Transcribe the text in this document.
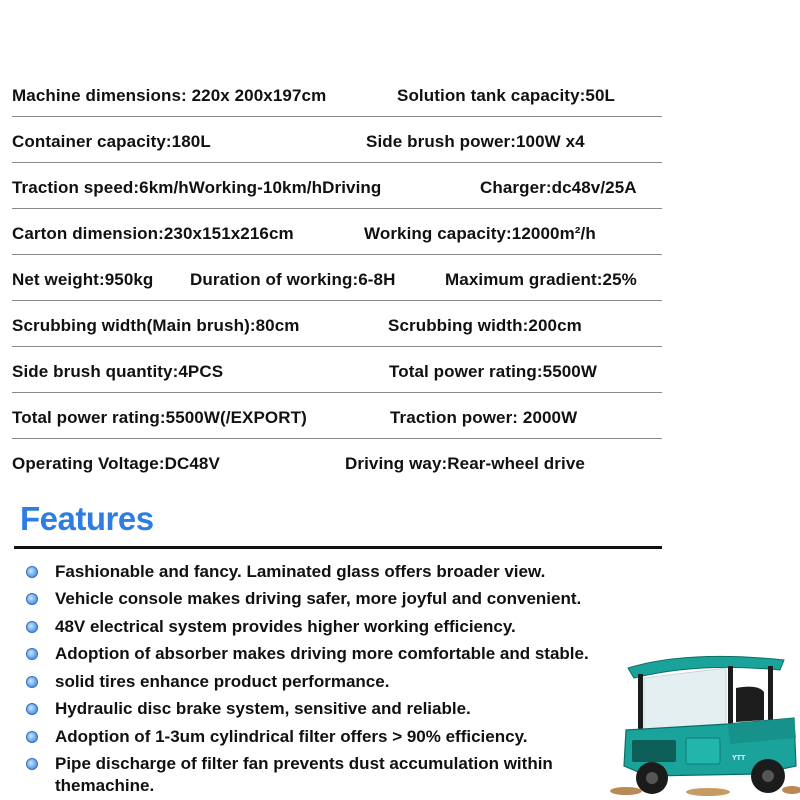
Machine dimensions: 220x 200x197cm	Solution tank capacity:50L
Container capacity:180L	Side brush power:100W x4
Traction speed:6km/hWorking-10km/hDriving	Charger:dc48v/25A
Carton dimension:230x151x216cm	Working capacity:12000m²/h
Net weight:950kg Duration of working:6-8H	Maximum gradient:25%
Scrubbing width(Main brush):80cm	Scrubbing width:200cm
Side brush quantity:4PCS	Total power rating:5500W
Total power rating:5500W(/EXPORT)	Traction power: 2000W
Operating Voltage:DC48V	Driving way:Rear-wheel drive
Features
Fashionable and fancy. Laminated glass offers broader view.
Vehicle console makes driving safer, more joyful and convenient.
48V electrical system provides higher working efficiency.
Adoption of absorber makes driving more comfortable and stable.
solid tires enhance product performance.
Hydraulic disc brake system, sensitive and reliable.
Adoption of 1-3um cylindrical filter offers > 90% efficiency.
Pipe discharge of filter fan prevents dust accumulation within themachine.
YTT
